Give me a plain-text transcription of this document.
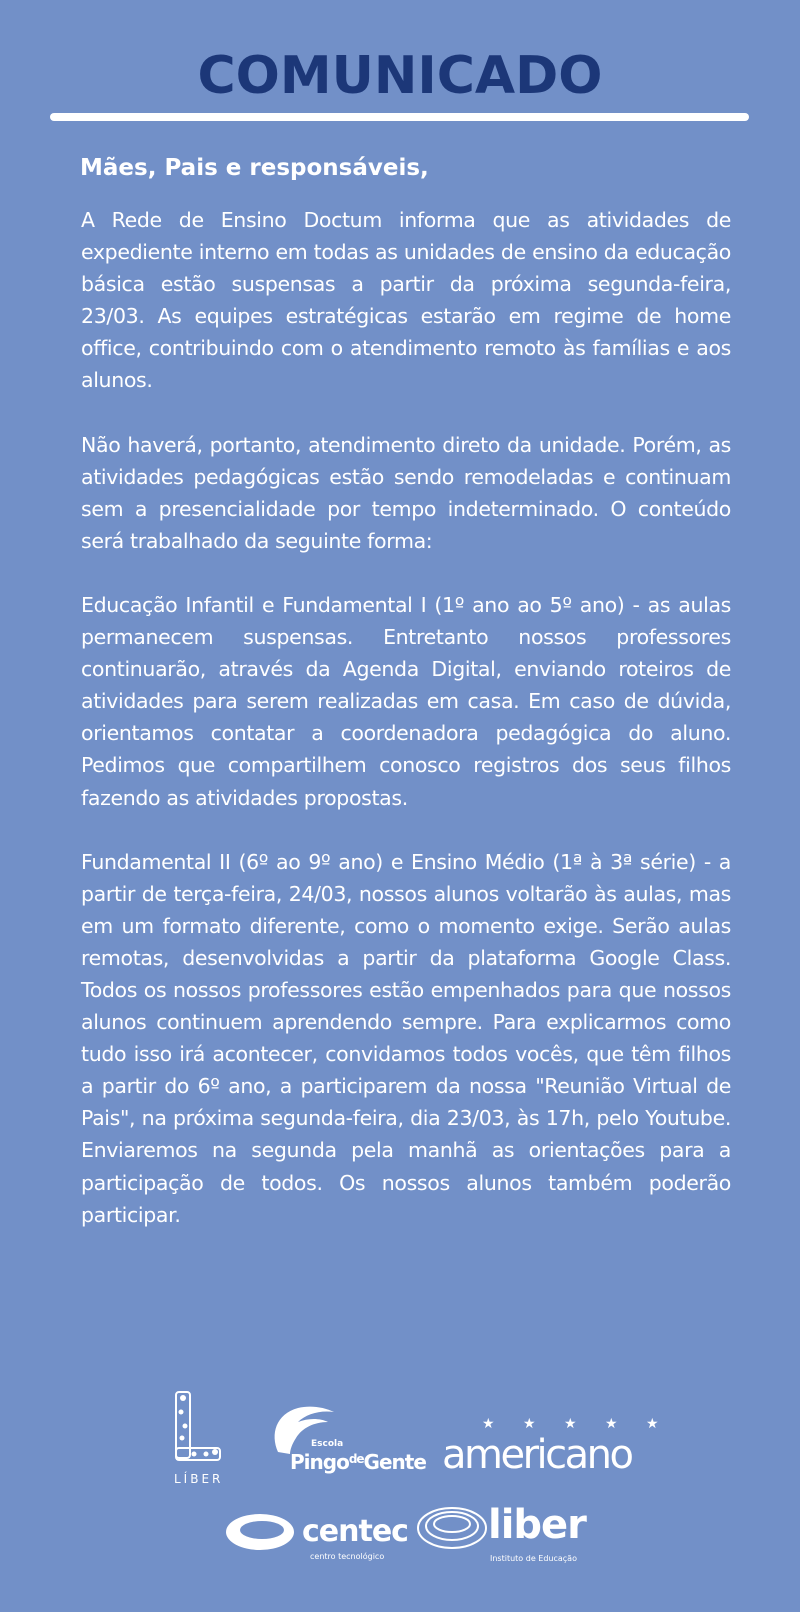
COMUNICADO
Mães, Pais e responsáveis,

A Rede de Ensino Doctum informa que as atividades de expediente interno em todas as unidades de ensino da educação básica estão suspensas a partir da próxima segunda-feira, 23/03. As equipes estratégicas estarão em regime de home office, contribuindo com o atendimento remoto às famílias e aos alunos.

Não haverá, portanto, atendimento direto da unidade. Porém, as atividades pedagógicas estão sendo remodeladas e continuam sem a presencialidade por tempo indeterminado. O conteúdo será trabalhado da seguinte forma:

Educação Infantil e Fundamental I (1º ano ao 5º ano) - as aulas permanecem suspensas. Entretanto nossos professores continuarão, através da Agenda Digital, enviando roteiros de atividades para serem realizadas em casa. Em caso de dúvida, orientamos contatar a coordenadora pedagógica do aluno. Pedimos que compartilhem conosco registros dos seus filhos fazendo as atividades propostas.

Fundamental II (6º ao 9º ano) e Ensino Médio (1ª à 3ª série) - a partir de terça-feira, 24/03, nossos alunos voltarão às aulas, mas em um formato diferente, como o momento exige. Serão aulas remotas, desenvolvidas a partir da plataforma Google Class. Todos os nossos professores estão empenhados para que nossos alunos continuem aprendendo sempre. Para explicarmos como tudo isso irá acontecer, convidamos todos vocês, que têm filhos a partir do 6º ano, a participarem da nossa "Reunião Virtual de Pais", na próxima segunda-feira, dia 23/03, às 17h, pelo Youtube. Enviaremos na segunda pela manhã as orientações para a participação de todos. Os nossos alunos também poderão participar.

LÍBER
Escola
Pingo$^{de}$Gente
★ ★ ★ ★ ★
americano
centec
centro tecnológico
liber
Instituto de Educação
